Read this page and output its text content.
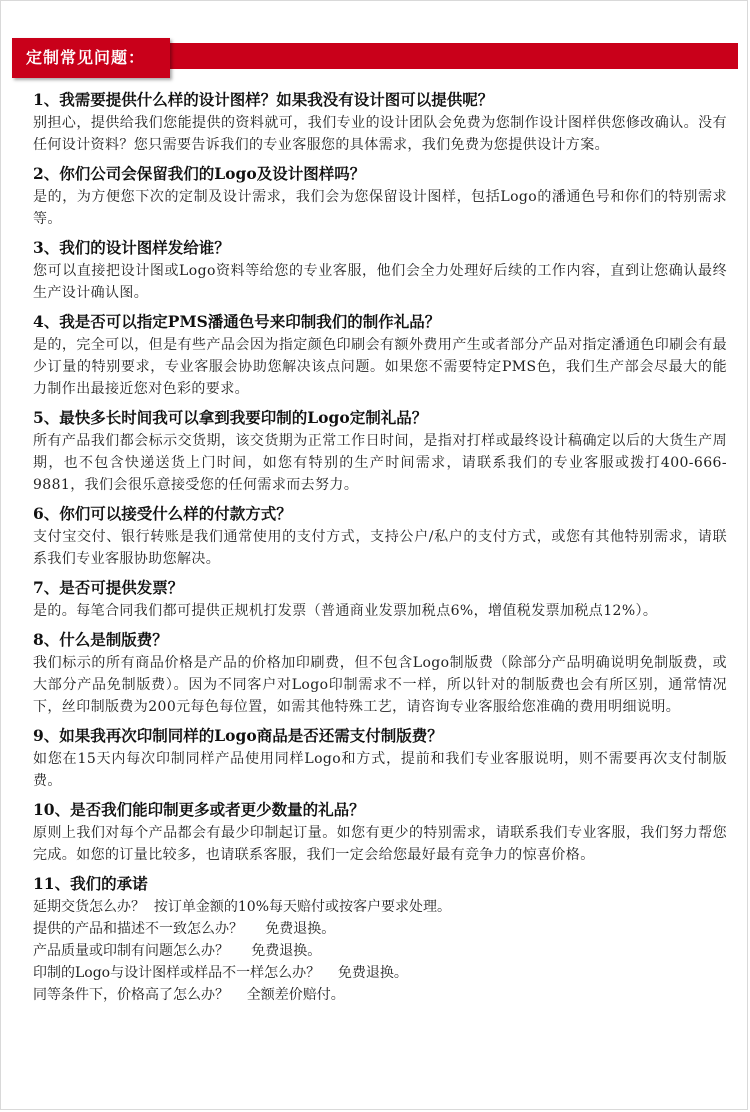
定制常见问题：

1、我需要提供什么样的设计图样？如果我没有设计图可以提供呢？

别担心，提供给我们您能提供的资料就可，我们专业的设计团队会免费为您制作设计图样供您修改确认。没有任何设计资料？您只需要告诉我们的专业客服您的具体需求，我们免费为您提供设计方案。

2、你们公司会保留我们的Logo及设计图样吗？

是的，为方便您下次的定制及设计需求，我们会为您保留设计图样，包括Logo的潘通色号和你们的特别需求等。

3、我们的设计图样发给谁？

您可以直接把设计图或Logo资料等给您的专业客服，他们会全力处理好后续的工作内容，直到让您确认最终生产设计确认图。

4、我是否可以指定PMS潘通色号来印制我们的制作礼品？

是的，完全可以，但是有些产品会因为指定颜色印刷会有额外费用产生或者部分产品对指定潘通色印刷会有最少订量的特别要求，专业客服会协助您解决该点问题。如果您不需要特定PMS色，我们生产部会尽最大的能力制作出最接近您对色彩的要求。

5、最快多长时间我可以拿到我要印制的Logo定制礼品？

所有产品我们都会标示交货期，该交货期为正常工作日时间，是指对打样或最终设计稿确定以后的大货生产周期，也不包含快递送货上门时间，如您有特别的生产时间需求，请联系我们的专业客服或拨打400-666-9881，我们会很乐意接受您的任何需求而去努力。

6、你们可以接受什么样的付款方式？

支付宝交付、银行转账是我们通常使用的支付方式，支持公户/私户的支付方式，或您有其他特别需求，请联系我们专业客服协助您解决。

7、是否可提供发票？

是的。每笔合同我们都可提供正规机打发票（普通商业发票加税点6%，增值税发票加税点12%）。

8、什么是制版费？

我们标示的所有商品价格是产品的价格加印刷费，但不包含Logo制版费（除部分产品明确说明免制版费，或大部分产品免制版费）。因为不同客户对Logo印制需求不一样，所以针对的制版费也会有所区别，通常情况下，丝印制版费为200元每色每位置，如需其他特殊工艺，请咨询专业客服给您准确的费用明细说明。

9、如果我再次印制同样的Logo商品是否还需支付制版费？

如您在15天内每次印制同样产品使用同样Logo和方式，提前和我们专业客服说明，则不需要再次支付制版费。

10、是否我们能印制更多或者更少数量的礼品？

原则上我们对每个产品都会有最少印制起订量。如您有更少的特别需求，请联系我们专业客服，我们努力帮您完成。如您的订量比较多，也请联系客服，我们一定会给您最好最有竞争力的惊喜价格。

11、我们的承诺

延期交货怎么办？  按订单金额的10%每天赔付或按客户要求处理。

提供的产品和描述不一致怎么办？     免费退换。

产品质量或印制有问题怎么办？     免费退换。

印制的Logo与设计图样或样品不一样怎么办？    免费退换。

同等条件下，价格高了怎么办？    全额差价赔付。
